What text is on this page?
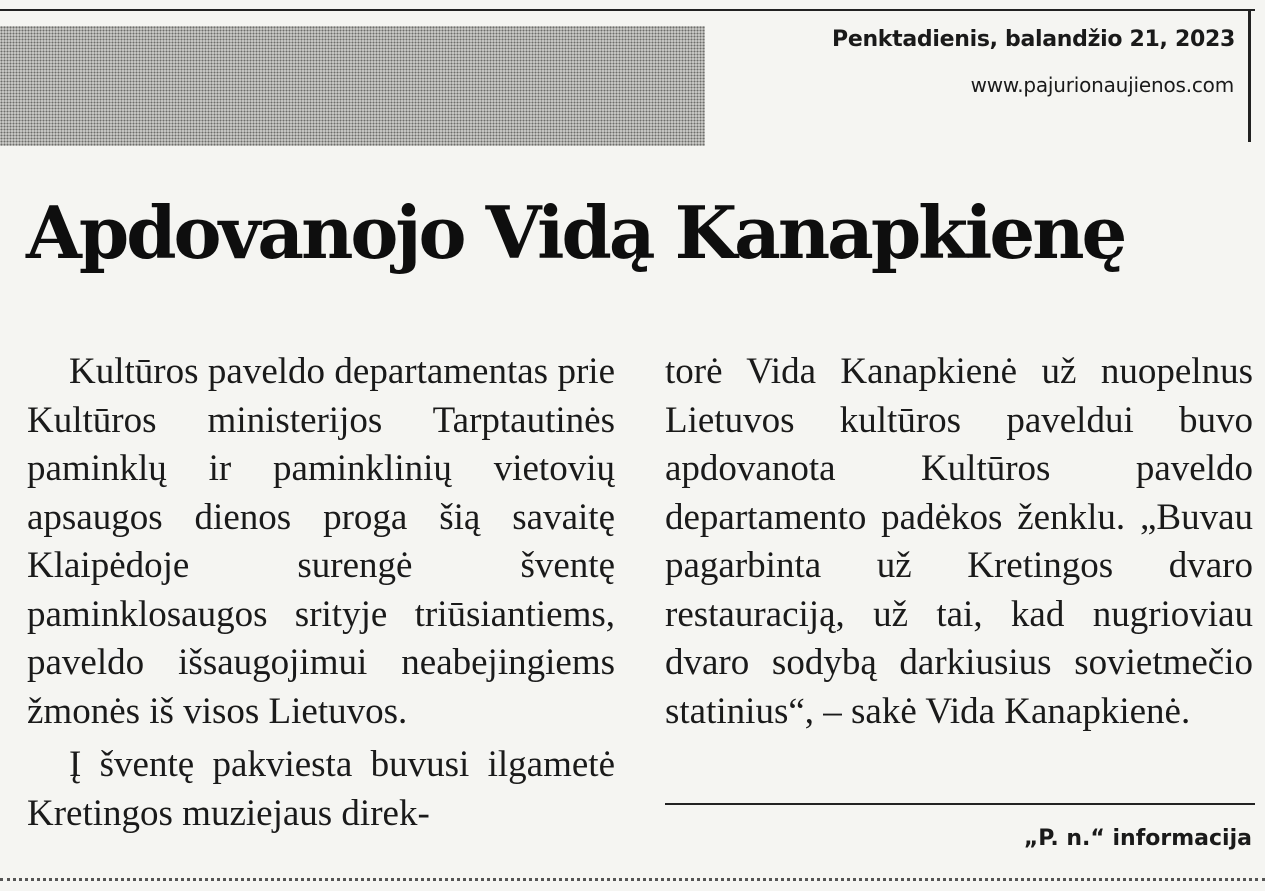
Penktadienis, balandžio 21, 2023
www.pajurionaujienos.com
Apdovanojo Vidą Kanapkienę

Kultūros paveldo departamentas prie Kultūros ministerijos Tarptautinės paminklų ir paminklinių vietovių apsaugos dienos proga šią savaitę Klaipėdoje surengė šventę paminklosaugos srityje triūsiantiems, paveldo išsaugojimui neabejingiems žmonės iš visos Lietuvos.

Į šventę pakviesta buvusi ilgametė Kretingos muziejaus direk-

torė Vida Kanapkienė už nuopelnus Lietuvos kultūros paveldui buvo apdovanota Kultūros paveldo departamento padėkos ženklu. „Buvau pagarbinta už Kretingos dvaro restauraciją, už tai, kad nugrioviau dvaro sodybą darkiusius sovietmečio statinius“, – sakė Vida Kanapkienė.

„P. n.“ informacija
